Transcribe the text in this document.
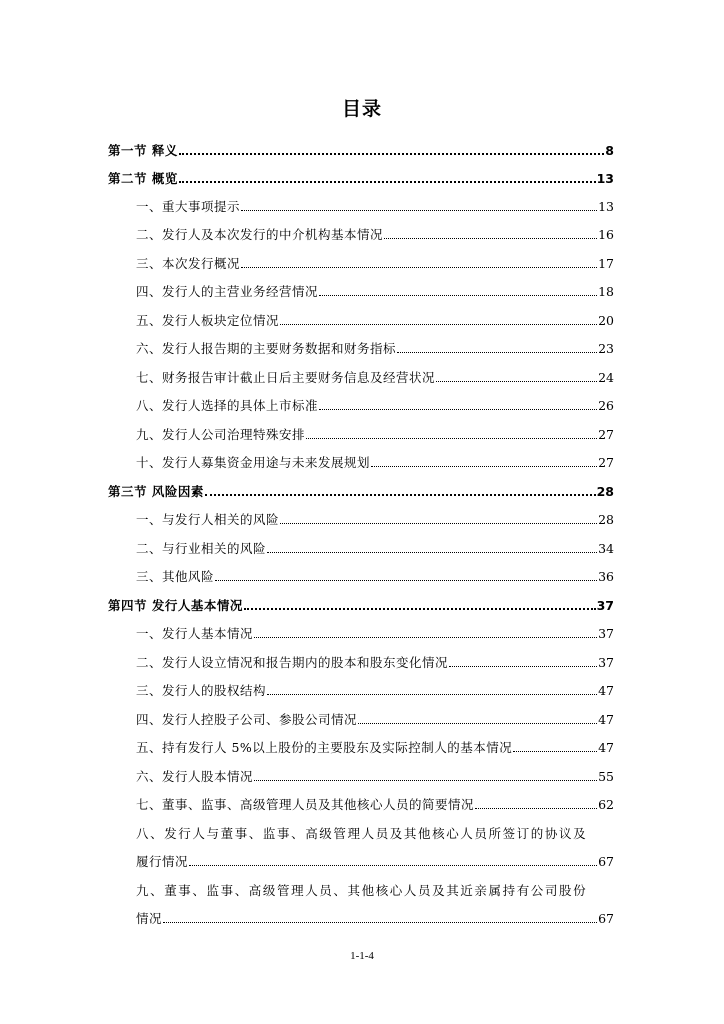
目录
第一节 释义	8
第二节 概览	13
一、重大事项提示	13
二、发行人及本次发行的中介机构基本情况	16
三、本次发行概况	17
四、发行人的主营业务经营情况	18
五、发行人板块定位情况	20
六、发行人报告期的主要财务数据和财务指标	23
七、财务报告审计截止日后主要财务信息及经营状况	24
八、发行人选择的具体上市标准	26
九、发行人公司治理特殊安排	27
十、发行人募集资金用途与未来发展规划	27
第三节 风险因素	28
一、与发行人相关的风险	28
二、与行业相关的风险	34
三、其他风险	36
第四节 发行人基本情况	37
一、发行人基本情况	37
二、发行人设立情况和报告期内的股本和股东变化情况	37
三、发行人的股权结构	47
四、发行人控股子公司、参股公司情况	47
五、持有发行人 5%以上股份的主要股东及实际控制人的基本情况	47
六、发行人股本情况	55
七、董事、监事、高级管理人员及其他核心人员的简要情况	62
八、发行人与董事、监事、高级管理人员及其他核心人员所签订的协议及
履行情况	67
九、董事、监事、高级管理人员、其他核心人员及其近亲属持有公司股份
情况	67
1-1-4
